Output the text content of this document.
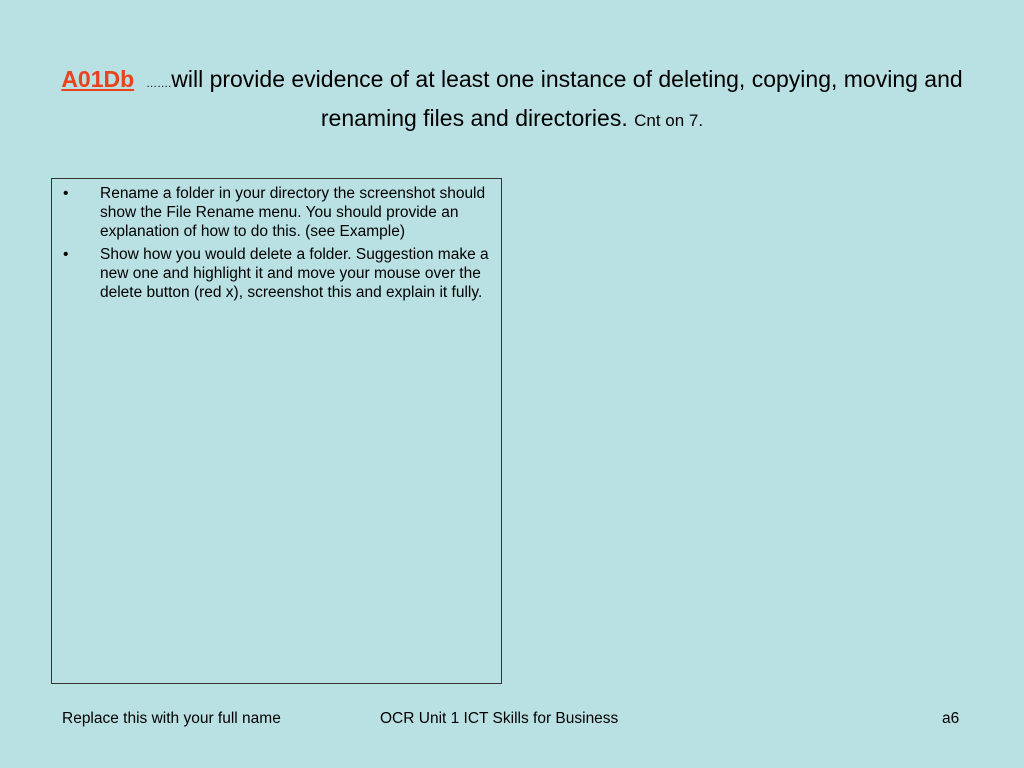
A01Db …….will provide evidence of at least one instance of deleting, copying, moving and renaming files and directories. Cnt on 7.
• Rename a folder in your directory the screenshot should show the File Rename menu. You should provide an explanation of how to do this. (see Example)
• Show how you would delete a folder. Suggestion make a new one and highlight it and move your mouse over the delete button (red x), screenshot this and explain it fully.
Replace this with your full name	OCR Unit 1 ICT Skills for Business	a6
